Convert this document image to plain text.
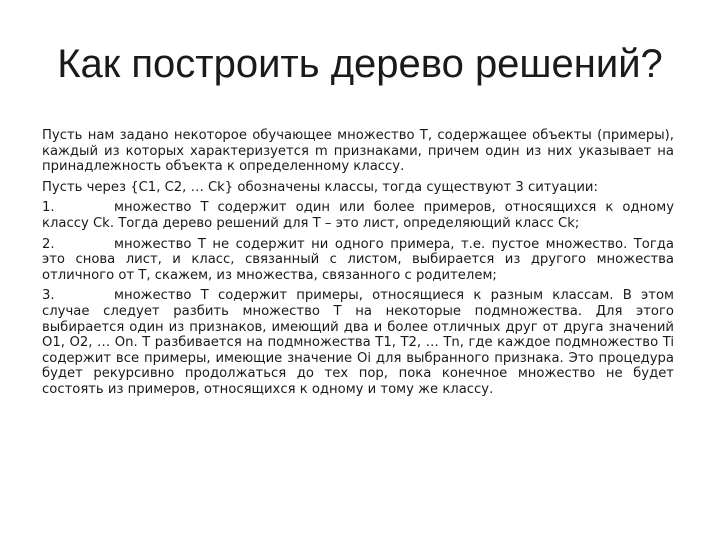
Как построить дерево решений?

Пусть нам задано некоторое обучающее множество T, содержащее объекты (примеры), каждый из которых характеризуется m признаками, причем один из них указывает на принадлежность объекта к определенному классу.

Пусть через {C1, C2, … Ck} обозначены классы, тогда существуют 3 ситуации:

1.	множество T содержит один или более примеров, относящихся к одному классу Ck. Тогда дерево решений для T – это лист, определяющий класс Ck;

2.	множество T не содержит ни одного примера, т.е. пустое множество. Тогда это снова лист, и класс, связанный с листом, выбирается из другого множества отличного от T, скажем, из множества, связанного с родителем;

3.	множество T содержит примеры, относящиеся к разным классам. В этом случае следует разбить множество T на некоторые подмножества. Для этого выбирается один из признаков, имеющий два и более отличных друг от друга значений O1, O2, … On. T разбивается на подмножества T1, T2, … Tn, где каждое подмножество Ti содержит все примеры, имеющие значение Oi для выбранного признака. Это процедура будет рекурсивно продолжаться до тех пор, пока конечное множество не будет состоять из примеров, относящихся к одному и тому же классу.
